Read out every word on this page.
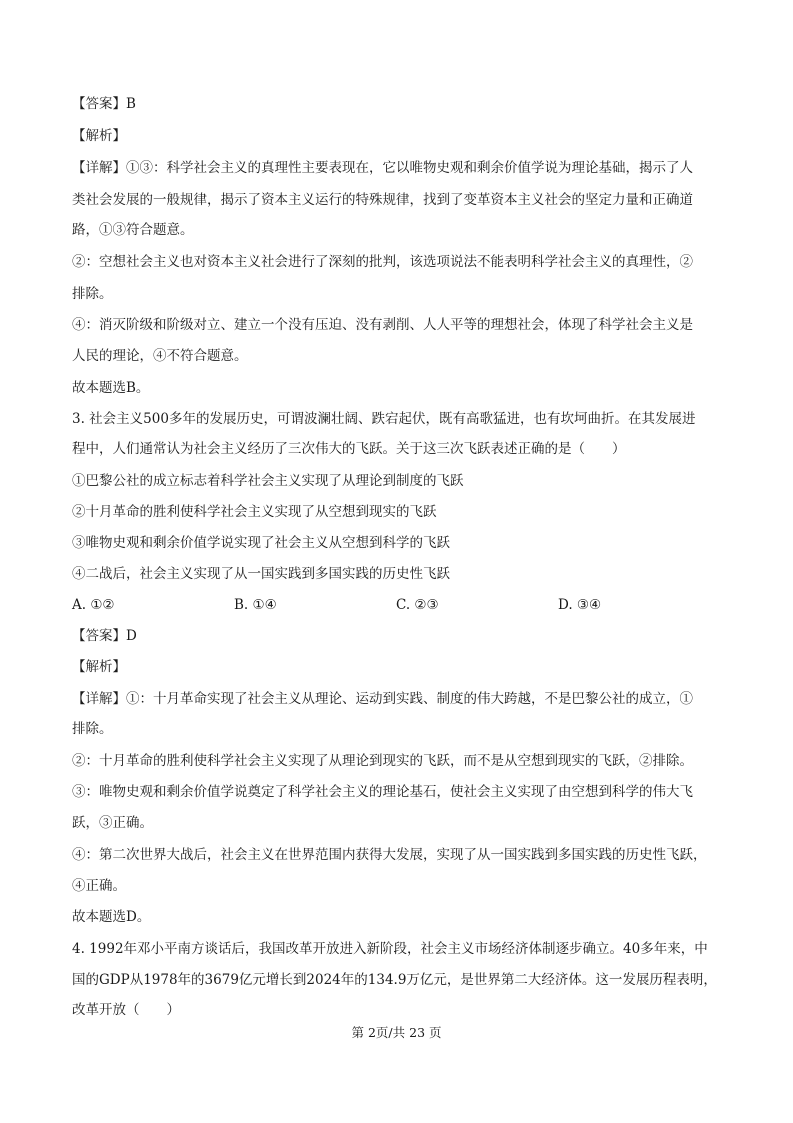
【答案】B
【解析】
【详解】①③：科学社会主义的真理性主要表现在，它以唯物史观和剩余价值学说为理论基础，揭示了人
类社会发展的一般规律，揭示了资本主义运行的特殊规律，找到了变革资本主义社会的坚定力量和正确道
路，①③符合题意。
②：空想社会主义也对资本主义社会进行了深刻的批判，该选项说法不能表明科学社会主义的真理性，②
排除。
④：消灭阶级和阶级对立、建立一个没有压迫、没有剥削、人人平等的理想社会，体现了科学社会主义是
人民的理论，④不符合题意。
故本题选B。
3. 社会主义500多年的发展历史，可谓波澜壮阔、跌宕起伏，既有高歌猛进，也有坎坷曲折。在其发展进
程中，人们通常认为社会主义经历了三次伟大的飞跃。关于这三次飞跃表述正确的是（　　）
①巴黎公社的成立标志着科学社会主义实现了从理论到制度的飞跃
②十月革命的胜利使科学社会主义实现了从空想到现实的飞跃
③唯物史观和剩余价值学说实现了社会主义从空想到科学的飞跃
④二战后，社会主义实现了从一国实践到多国实践的历史性飞跃
A. ①②	B. ①④	C. ②③	D. ③④
【答案】D
【解析】
【详解】①：十月革命实现了社会主义从理论、运动到实践、制度的伟大跨越，不是巴黎公社的成立，①
排除。
②：十月革命的胜利使科学社会主义实现了从理论到现实的飞跃，而不是从空想到现实的飞跃，②排除。
③：唯物史观和剩余价值学说奠定了科学社会主义的理论基石，使社会主义实现了由空想到科学的伟大飞
跃，③正确。
④：第二次世界大战后，社会主义在世界范围内获得大发展，实现了从一国实践到多国实践的历史性飞跃，
④正确。
故本题选D。
4. 1992年邓小平南方谈话后，我国改革开放进入新阶段，社会主义市场经济体制逐步确立。40多年来，中
国的GDP从1978年的3679亿元增长到2024年的134.9万亿元，是世界第二大经济体。这一发展历程表明，
改革开放（　　）
第 2页/共 23 页
